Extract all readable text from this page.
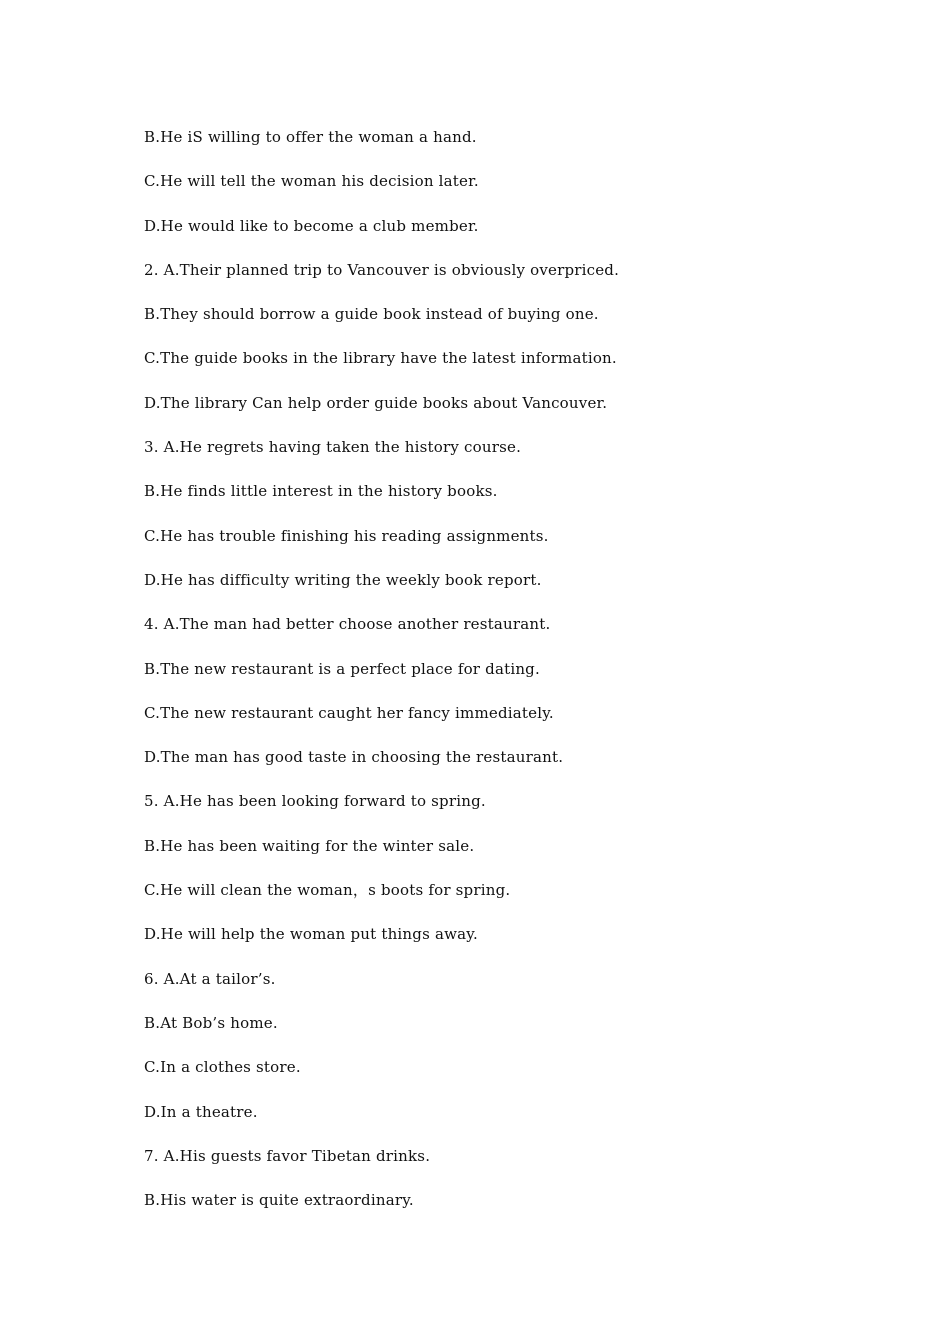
B.He iS willing to offer the woman a hand.
C.He will tell the woman his decision later.
D.He would like to become a club member.
2. A.Their planned trip to Vancouver is obviously overpriced.
B.They should borrow a guide book instead of buying one.
C.The guide books in the library have the latest information.
D.The library Can help order guide books about Vancouver.
3. A.He regrets having taken the history course.
B.He finds little interest in the history books.
C.He has trouble finishing his reading assignments.
D.He has difficulty writing the weekly book report.
4. A.The man had better choose another restaurant.
B.The new restaurant is a perfect place for dating.
C.The new restaurant caught her fancy immediately.
D.The man has good taste in choosing the restaurant.
5. A.He has been looking forward to spring.
B.He has been waiting for the winter sale.
C.He will clean the woman，s boots for spring.
D.He will help the woman put things away.
6. A.At a tailor’s.
B.At Bob’s home.
C.In a clothes store.
D.In a theatre.
7. A.His guests favor Tibetan drinks.
B.His water is quite extraordinary.
